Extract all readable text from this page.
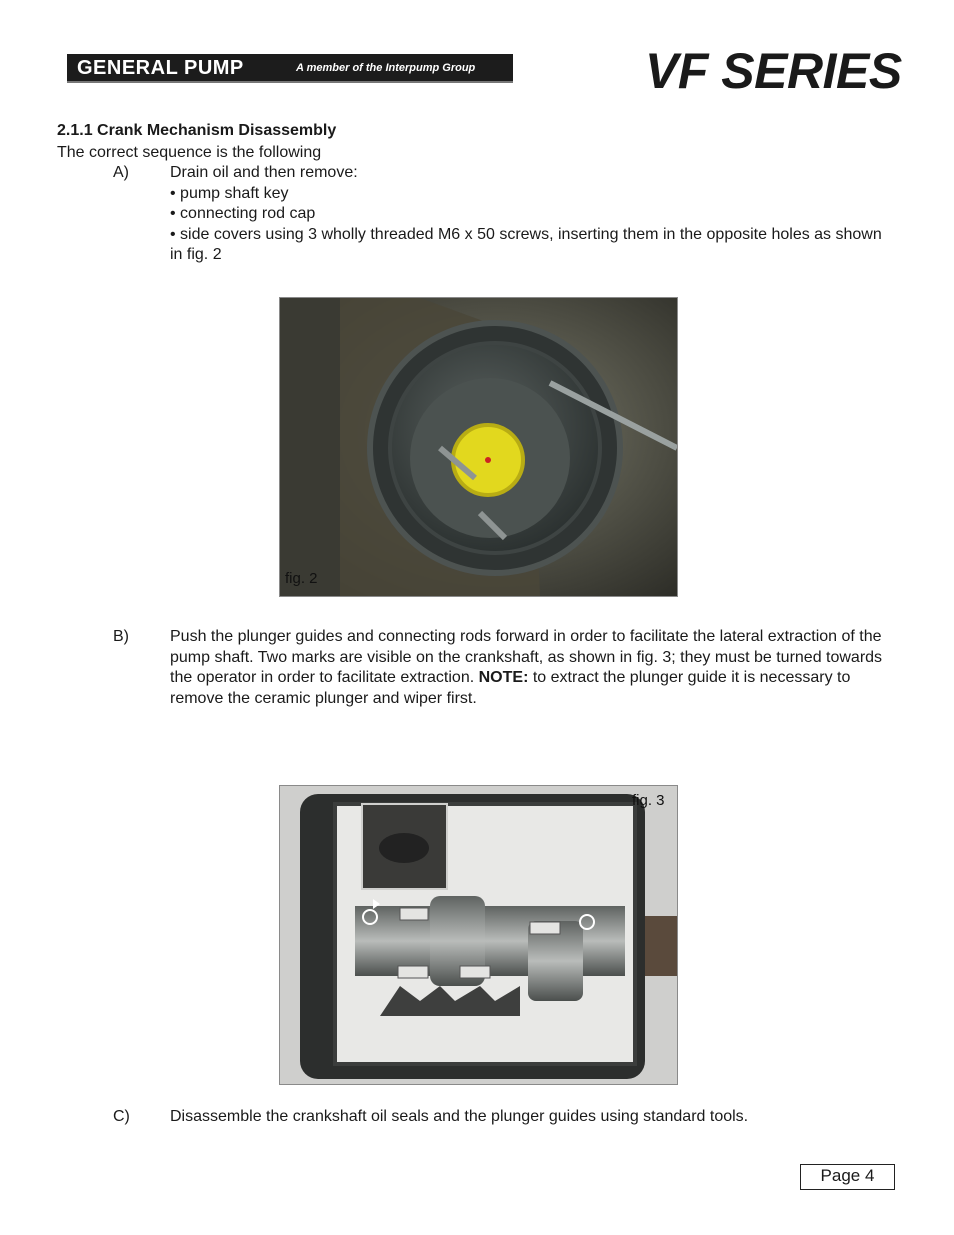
GENERAL PUMP	A member of the Interpump Group	VF SERIES
2.1.1 Crank Mechanism Disassembly
The correct sequence is the following
A)	Drain oil and then remove:

• pump shaft key

• connecting rod cap

• side covers using 3 wholly threaded M6 x 50 screws, inserting them in the opposite holes as shown in fig. 2

fig. 2
B)	Push the plunger guides and connecting rods forward in order to facilitate the lateral extraction of the pump shaft. Two marks are visible on the crankshaft, as shown in fig. 3; they must be turned towards the operator in order to facilitate extraction. NOTE: to extract the plunger guide it is necessary to remove the ceramic plunger and wiper first.

fig. 3
C)	Disassemble the crankshaft oil seals and the plunger guides using standard tools.
Page 4
